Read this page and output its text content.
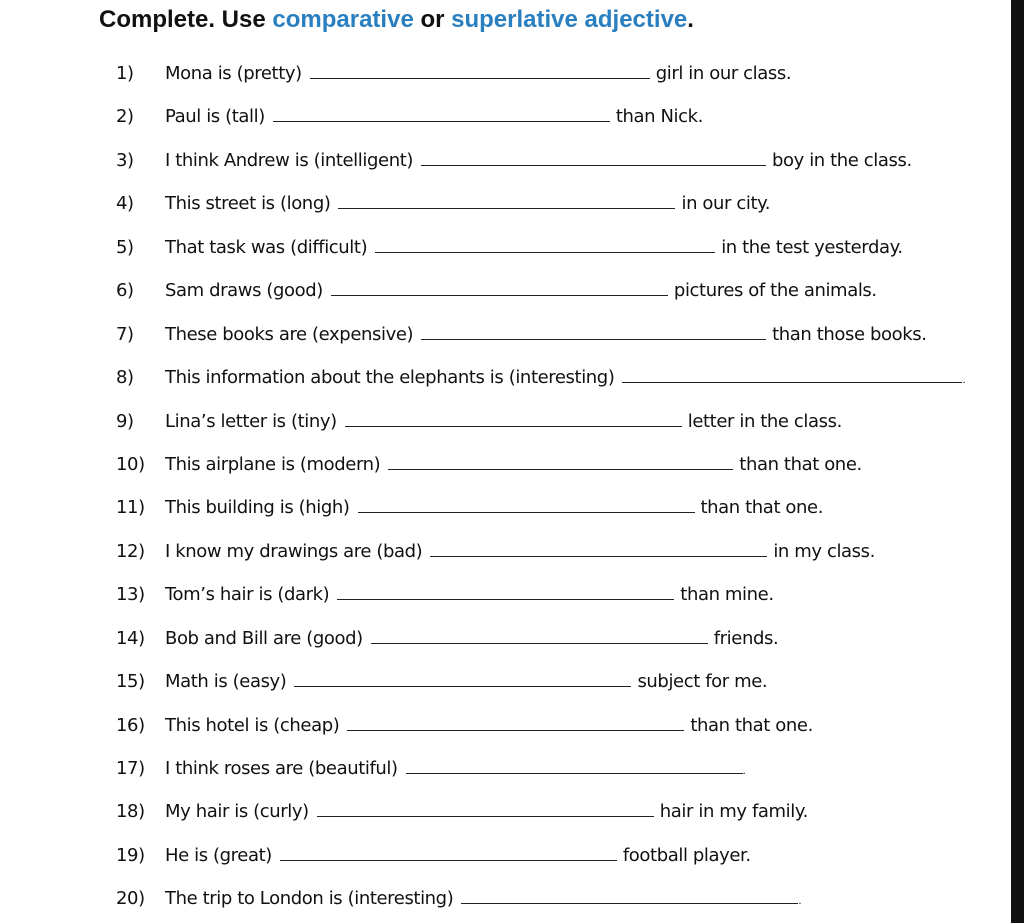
Complete. Use comparative or superlative adjective.
1)	Mona is (pretty)	girl in our class.
2)	Paul is (tall)	than Nick.
3)	I think Andrew is (intelligent)	boy in the class.
4)	This street is (long)	in our city.
5)	That task was (difficult)	in the test yesterday.
6)	Sam draws (good)	pictures of the animals.
7)	These books are (expensive)	than those books.
8)	This information about the elephants is (interesting)	.
9)	Lina’s letter is (tiny)	letter in the class.
10)	This airplane is (modern)	than that one.
11)	This building is (high)	than that one.
12)	I know my drawings are (bad)	in my class.
13)	Tom’s hair is (dark)	than mine.
14)	Bob and Bill are (good)	friends.
15)	Math is (easy)	subject for me.
16)	This hotel is (cheap)	than that one.
17)	I think roses are (beautiful)	.
18)	My hair is (curly)	hair in my family.
19)	He is (great)	football player.
20)	The trip to London is (interesting)	.
